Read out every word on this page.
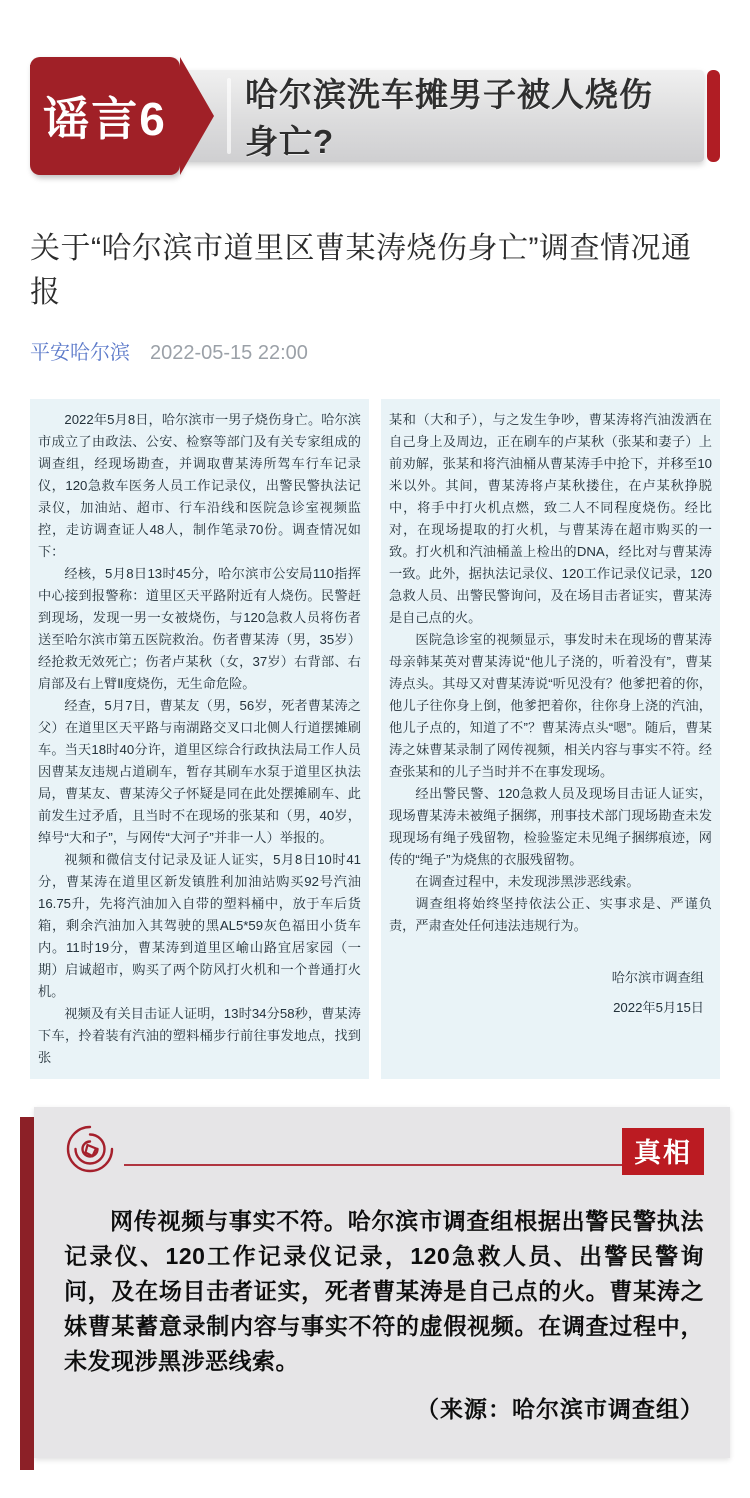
谣言6 哈尔滨洗车摊男子被人烧伤身亡?
关于“哈尔滨市道里区曹某涛烧伤身亡”调查情况通报
平安哈尔滨 2022-05-15 22:00

2022年5月8日，哈尔滨市一男子烧伤身亡。哈尔滨市成立了由政法、公安、检察等部门及有关专家组成的调查组，经现场勘查，并调取曹某涛所驾车行车记录仪，120急救车医务人员工作记录仪，出警民警执法记录仪，加油站、超市、行车沿线和医院急诊室视频监控，走访调查证人48人，制作笔录70份。调查情况如下：

经核，5月8日13时45分，哈尔滨市公安局110指挥中心接到报警称：道里区天平路附近有人烧伤。民警赶到现场，发现一男一女被烧伤，与120急救人员将伤者送至哈尔滨市第五医院救治。伤者曹某涛（男，35岁）经抢救无效死亡；伤者卢某秋（女，37岁）右背部、右肩部及右上臂Ⅱ度烧伤，无生命危险。

经查，5月7日，曹某友（男，56岁，死者曹某涛之父）在道里区天平路与南湖路交叉口北侧人行道摆摊刷车。当天18时40分许，道里区综合行政执法局工作人员因曹某友违规占道刷车，暂存其刷车水泵于道里区执法局，曹某友、曹某涛父子怀疑是同在此处摆摊刷车、此前发生过矛盾，且当时不在现场的张某和（男，40岁，绰号“大和子”，与网传“大河子”并非一人）举报的。

视频和微信支付记录及证人证实，5月8日10时41分，曹某涛在道里区新发镇胜利加油站购买92号汽油16.75升，先将汽油加入自带的塑料桶中，放于车后货箱，剩余汽油加入其驾驶的黑AL5*59灰色福田小货车内。11时19分，曹某涛到道里区崳山路宜居家园（一期）启诚超市，购买了两个防风打火机和一个普通打火机。

视频及有关目击证人证明，13时34分58秒，曹某涛下车，拎着装有汽油的塑料桶步行前往事发地点，找到张

某和（大和子），与之发生争吵，曹某涛将汽油泼洒在自己身上及周边，正在刷车的卢某秋（张某和妻子）上前劝解，张某和将汽油桶从曹某涛手中抢下，并移至10米以外。其间，曹某涛将卢某秋搂住，在卢某秋挣脱中，将手中打火机点燃，致二人不同程度烧伤。经比对，在现场提取的打火机，与曹某涛在超市购买的一致。打火机和汽油桶盖上检出的DNA，经比对与曹某涛一致。此外，据执法记录仪、120工作记录仪记录，120急救人员、出警民警询问，及在场目击者证实，曹某涛是自己点的火。

医院急诊室的视频显示，事发时未在现场的曹某涛母亲韩某英对曹某涛说“他儿子浇的，听着没有”，曹某涛点头。其母又对曹某涛说“听见没有？他爹把着的你，他儿子往你身上倒，他爹把着你，往你身上浇的汽油，他儿子点的，知道了不”？曹某涛点头“嗯”。随后，曹某涛之妹曹某录制了网传视频，相关内容与事实不符。经查张某和的儿子当时并不在事发现场。

经出警民警、120急救人员及现场目击证人证实，现场曹某涛未被绳子捆绑，刑事技术部门现场勘查未发现现场有绳子残留物，检验鉴定未见绳子捆绑痕迹，网传的“绳子”为烧焦的衣服残留物。

在调查过程中，未发现涉黑涉恶线索。

调查组将始终坚持依法公正、实事求是、严谨负责，严肃查处任何违法违规行为。

哈尔滨市调查组

2022年5月15日

真相

网传视频与事实不符。哈尔滨市调查组根据出警民警执法记录仪、120工作记录仪记录，120急救人员、出警民警询问，及在场目击者证实，死者曹某涛是自己点的火。曹某涛之妹曹某蓄意录制内容与事实不符的虚假视频。在调查过程中，未发现涉黑涉恶线索。

（来源：哈尔滨市调查组）
